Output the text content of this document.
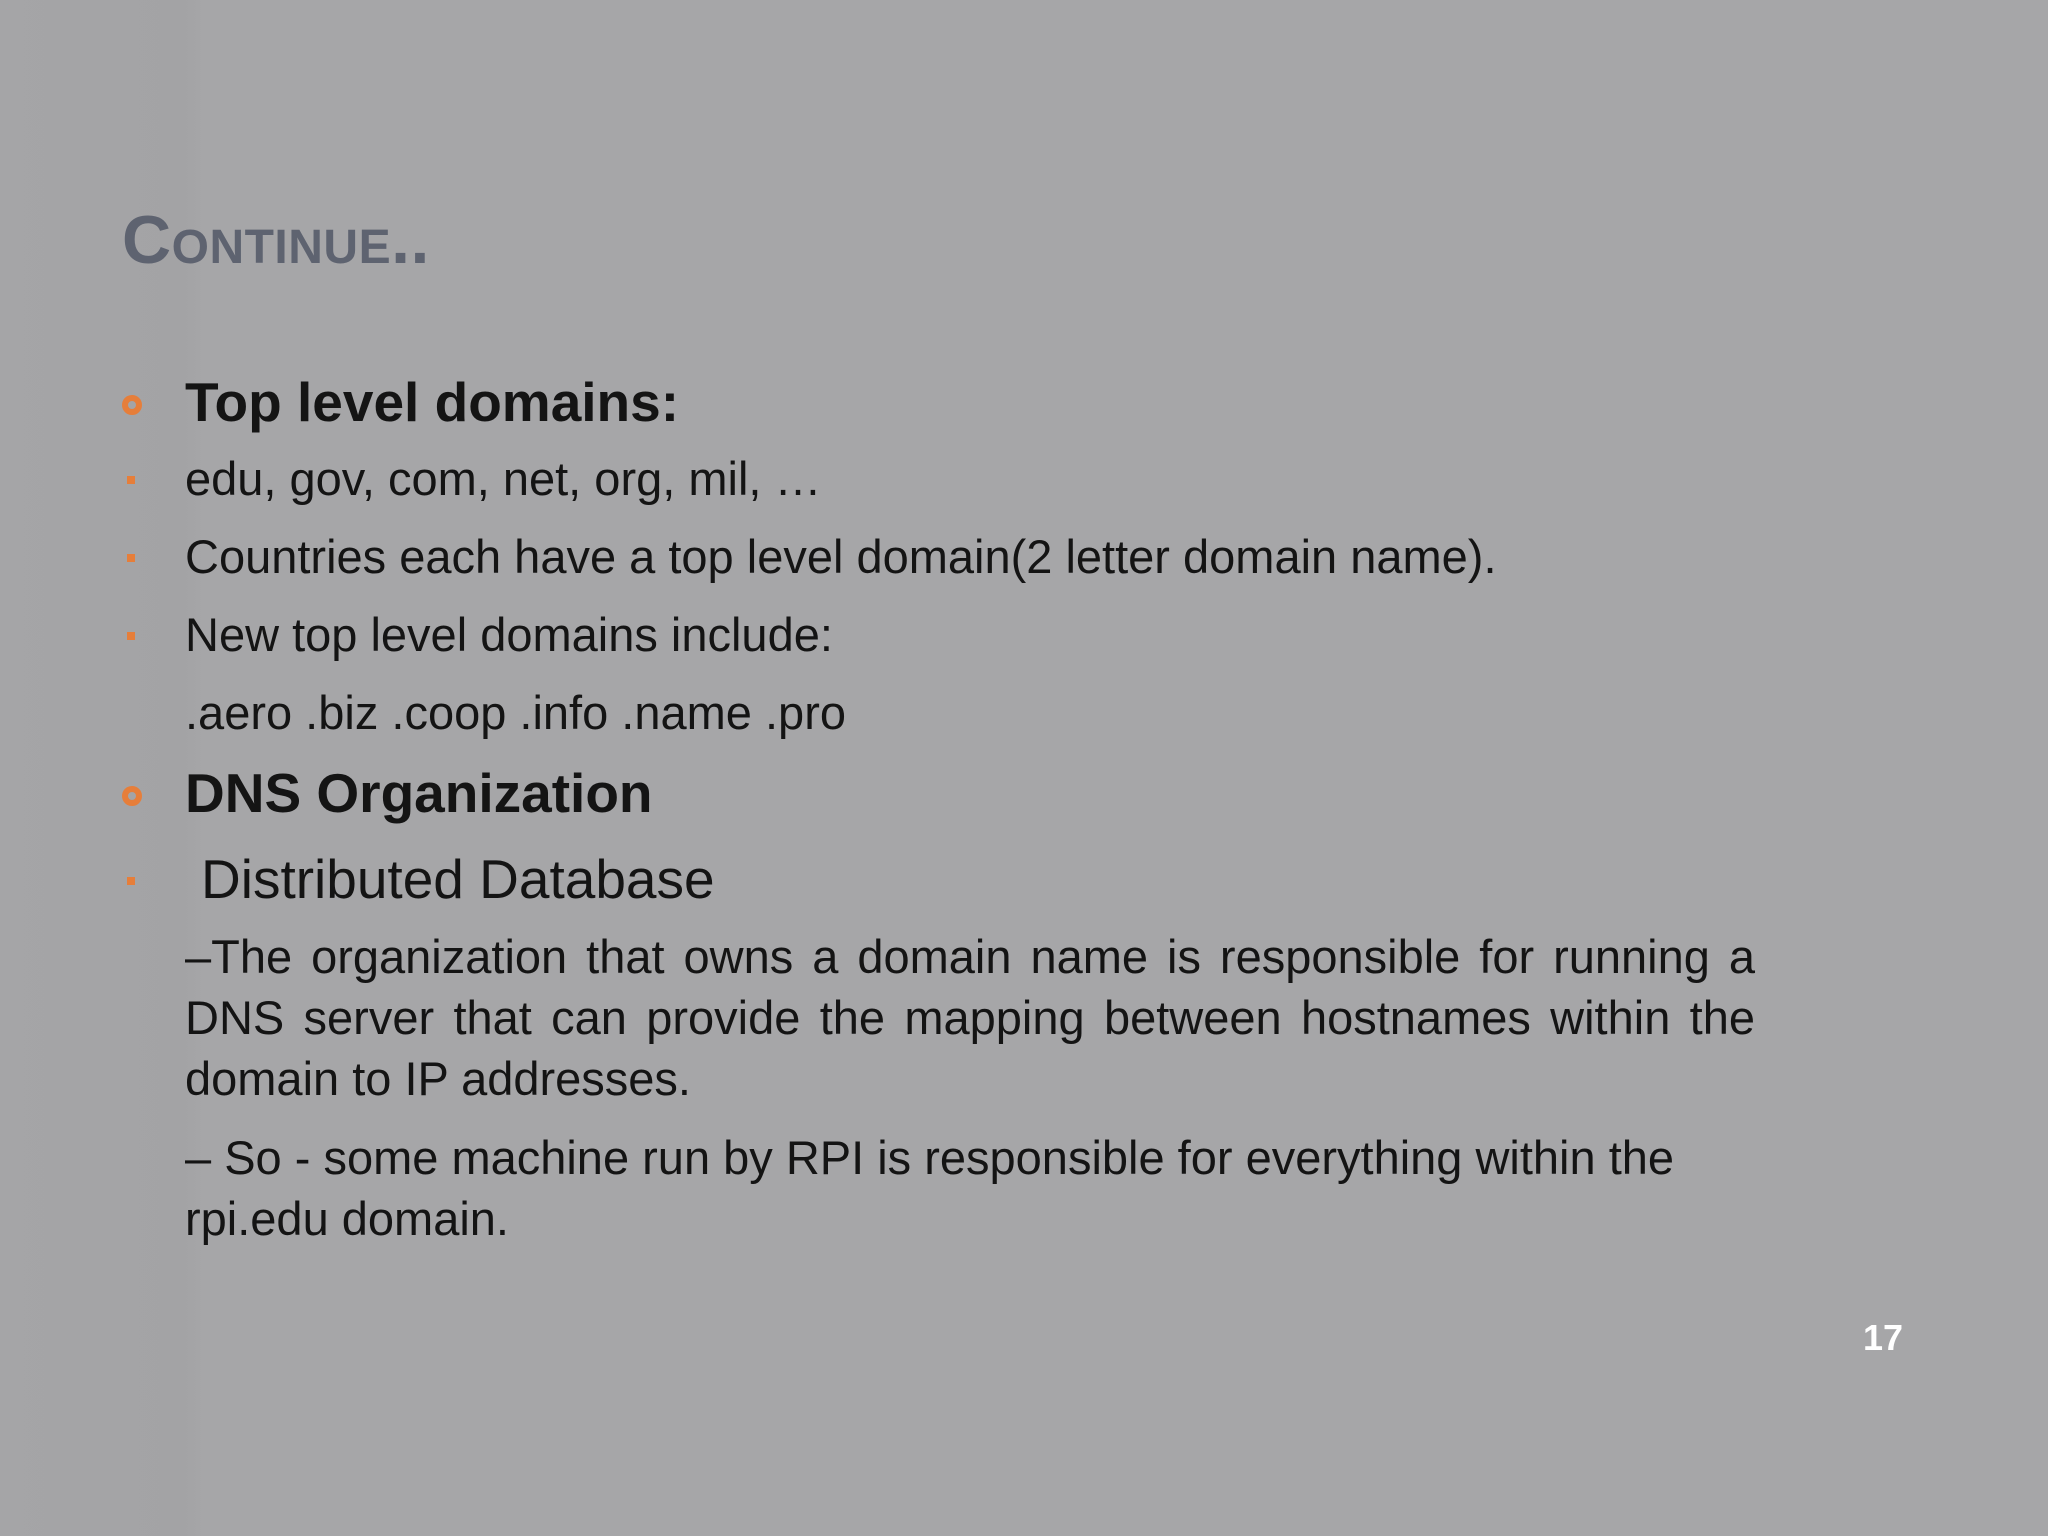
Continue..
Top level domains:
edu, gov, com, net, org, mil, …
Countries each have a top level domain(2 letter domain name).
New top level domains include:
.aero .biz .coop .info .name .pro
DNS Organization
Distributed Database
–The organization that owns a domain name is responsible for running a DNS server that can provide the mapping between hostnames within the domain to IP addresses.
– So - some machine run by RPI is responsible for everything within the rpi.edu domain.
17
